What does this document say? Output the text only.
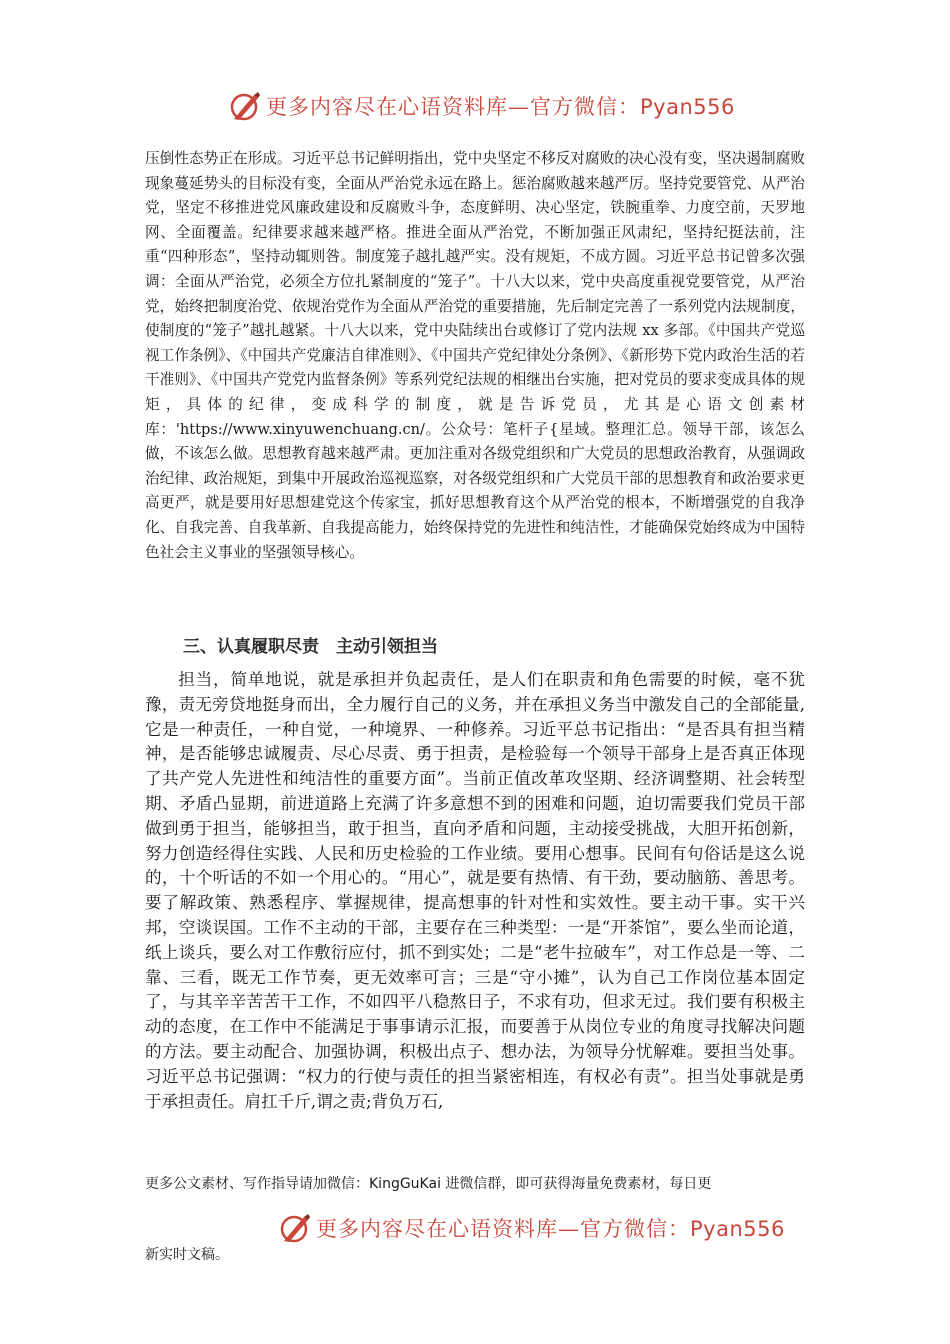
更多内容尽在心语资料库—官方微信：Pyan556

压倒性态势正在形成。习近平总书记鲜明指出，党中央坚定不移反对腐败的决心没有变，坚决遏制腐败现象蔓延势头的目标没有变，全面从严治党永远在路上。惩治腐败越来越严厉。坚持党要管党、从严治党，坚定不移推进党风廉政建设和反腐败斗争，态度鲜明、决心坚定，铁腕重拳、力度空前，天罗地网、全面覆盖。纪律要求越来越严格。推进全面从严治党，不断加强正风肃纪，坚持纪挺法前，注重“四种形态”，坚持动辄则咎。制度笼子越扎越严实。没有规矩，不成方圆。习近平总书记曾多次强调：全面从严治党，必须全方位扎紧制度的“笼子”。十八大以来，党中央高度重视党要管党，从严治党，始终把制度治党、依规治党作为全面从严治党的重要措施，先后制定完善了一系列党内法规制度，使制度的“笼子”越扎越紧。十八大以来，党中央陆续出台或修订了党内法规 xx 多部。《中国共产党巡视工作条例》、《中国共产党廉洁自律准则》、《中国共产党纪律处分条例》、《新形势下党内政治生活的若干准则》、《中国共产党党内监督条例》等系列党纪法规的相继出台实施，把对党员的要求变成具体的规矩，具体的纪律，变成科学的制度，就是告诉党员，尤其是心语文创素材库：'https://www.xinyuwenchuang.cn/。公众号：笔杆子{星域。整理汇总。领导干部，该怎么做，不该怎么做。思想教育越来越严肃。更加注重对各级党组织和广大党员的思想政治教育，从强调政治纪律、政治规矩，到集中开展政治巡视巡察，对各级党组织和广大党员干部的思想教育和政治要求更高更严，就是要用好思想建党这个传家宝，抓好思想教育这个从严治党的根本，不断增强党的自我净化、自我完善、自我革新、自我提高能力，始终保持党的先进性和纯洁性，才能确保党始终成为中国特色社会主义事业的坚强领导核心。

三、认真履职尽责　主动引领担当

担当，简单地说，就是承担并负起责任，是人们在职责和角色需要的时候，毫不犹豫，责无旁贷地挺身而出，全力履行自己的义务，并在承担义务当中激发自己的全部能量,它是一种责任，一种自觉，一种境界、一种修养。习近平总书记指出：“是否具有担当精神，是否能够忠诚履责、尽心尽责、勇于担责，是检验每一个领导干部身上是否真正体现了共产党人先进性和纯洁性的重要方面”。当前正值改革攻坚期、经济调整期、社会转型期、矛盾凸显期，前进道路上充满了许多意想不到的困难和问题，迫切需要我们党员干部做到勇于担当，能够担当，敢于担当，直向矛盾和问题，主动接受挑战，大胆开拓创新，努力创造经得住实践、人民和历史检验的工作业绩。要用心想事。民间有句俗话是这么说的，十个听话的不如一个用心的。“用心”，就是要有热情、有干劲，要动脑筋、善思考。要了解政策、熟悉程序、掌握规律，提高想事的针对性和实效性。要主动干事。实干兴邦，空谈误国。工作不主动的干部，主要存在三种类型：一是“开茶馆”，要么坐而论道，纸上谈兵，要么对工作敷衍应付，抓不到实处；二是“老牛拉破车”，对工作总是一等、二靠、三看，既无工作节奏，更无效率可言；三是“守小摊”，认为自己工作岗位基本固定了，与其辛辛苦苦干工作，不如四平八稳熬日子，不求有功，但求无过。我们要有积极主动的态度，在工作中不能满足于事事请示汇报，而要善于从岗位专业的角度寻找解决问题的方法。要主动配合、加强协调，积极出点子、想办法，为领导分忧解难。要担当处事。习近平总书记强调：“权力的行使与责任的担当紧密相连，有权必有责”。担当处事就是勇于承担责任。肩扛千斤,谓之责;背负万石,

更多公文素材、写作指导请加微信：KingGuKai 进微信群，即可获得海量免费素材，每日更

更多内容尽在心语资料库—官方微信：Pyan556

新实时文稿。
